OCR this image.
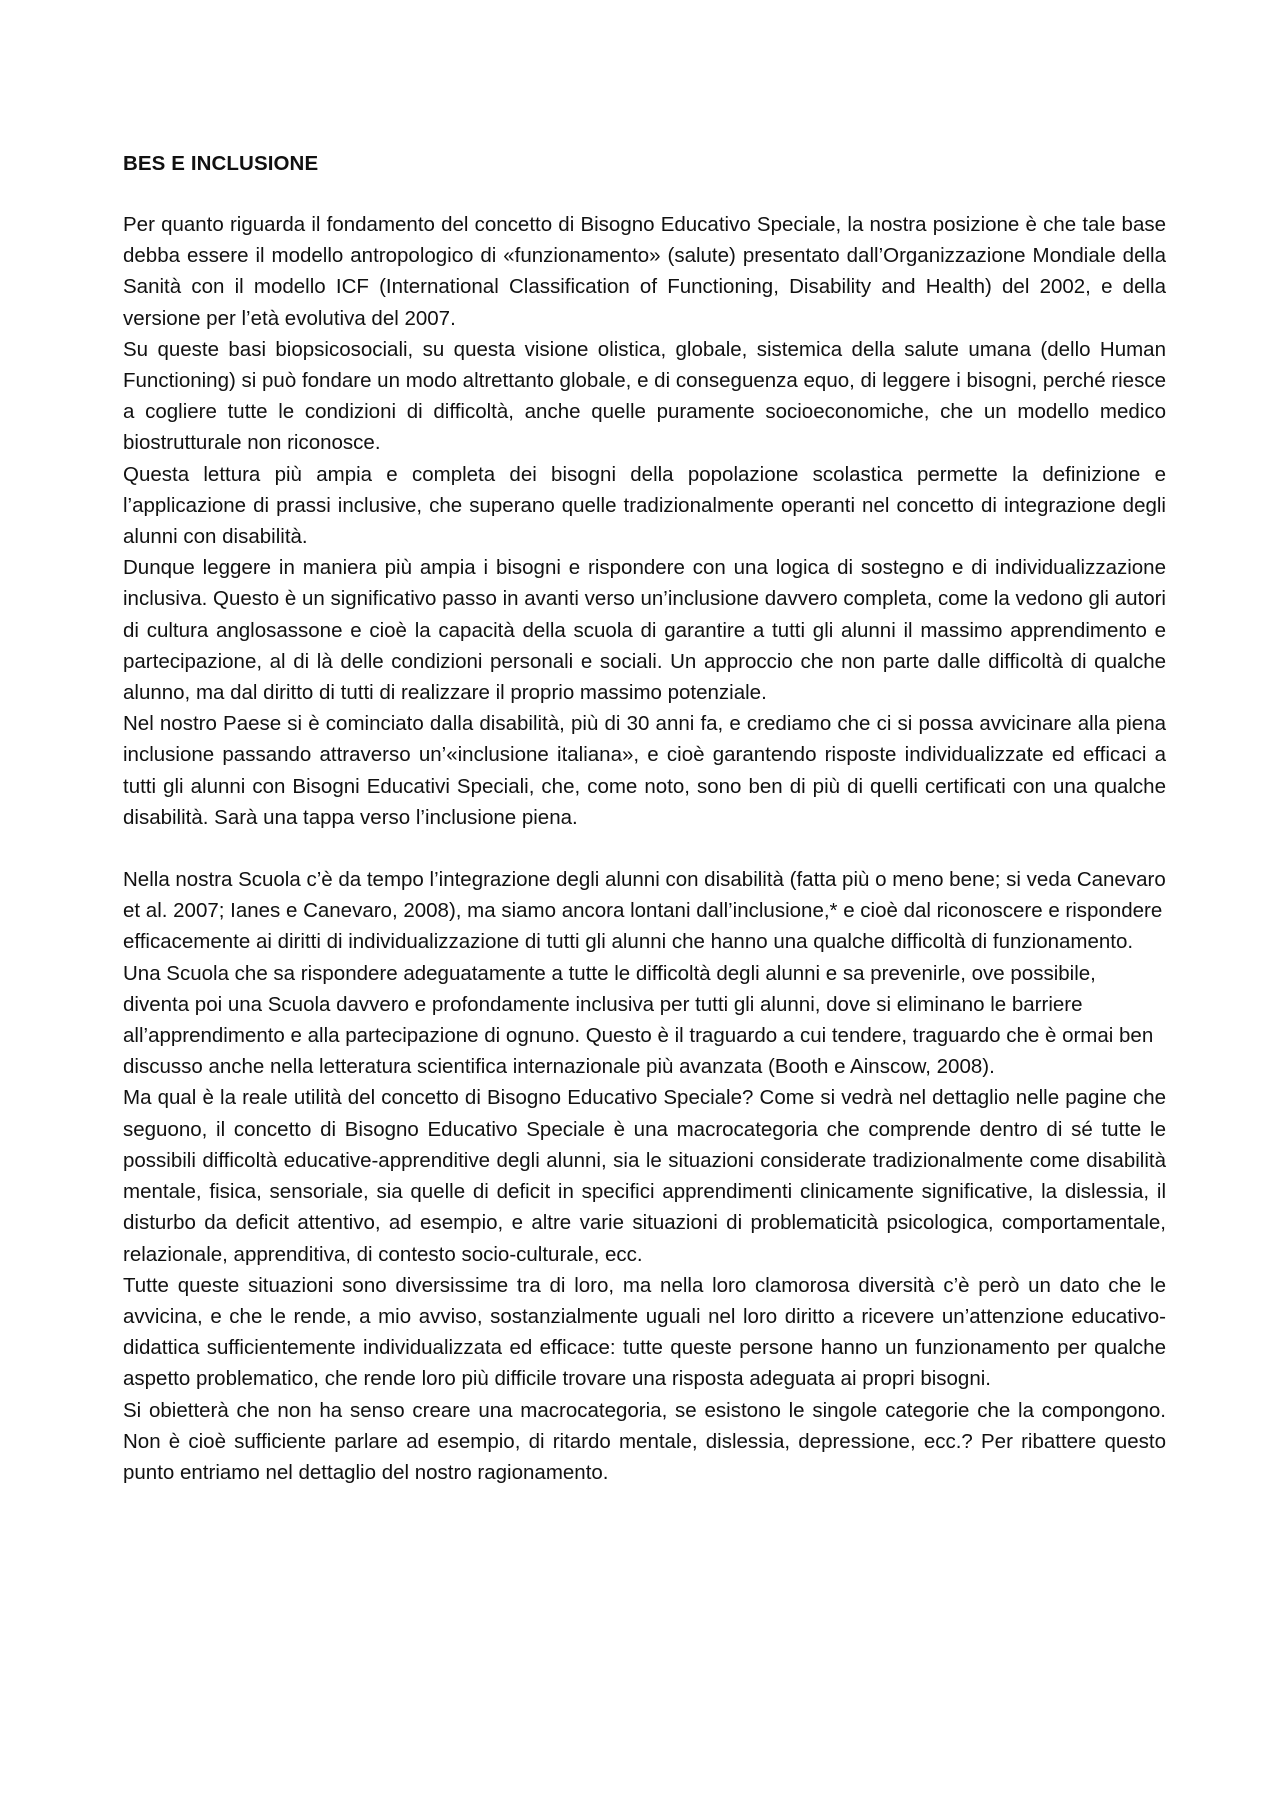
BES E INCLUSIONE

Per quanto riguarda il fondamento del concetto di Bisogno Educativo Speciale, la nostra posizione è che tale base debba essere il modello antropologico di «funzionamento» (salute) presentato dall’Organizzazione Mondiale della Sanità con il modello ICF (International Classification of Functioning, Disability and Health) del 2002, e della versione per l’età evolutiva del 2007.

Su queste basi biopsicosociali, su questa visione olistica, globale, sistemica della salute umana (dello Human Functioning) si può fondare un modo altrettanto globale, e di conseguenza equo, di leggere i bisogni, perché riesce a cogliere tutte le condizioni di difficoltà, anche quelle puramente socioeconomiche, che un modello medico biostrutturale non riconosce.

Questa lettura più ampia e completa dei bisogni della popolazione scolastica permette la definizione e l’applicazione di prassi inclusive, che superano quelle tradizionalmente operanti nel concetto di integrazione degli alunni con disabilità.

Dunque leggere in maniera più ampia i bisogni e rispondere con una logica di sostegno e di individualizzazione inclusiva. Questo è un significativo passo in avanti verso un’inclusione davvero completa, come la vedono gli autori di cultura anglosassone e cioè la capacità della scuola di garantire a tutti gli alunni il massimo apprendimento e partecipazione, al di là delle condizioni personali e sociali. Un approccio che non parte dalle difficoltà di qualche alunno, ma dal diritto di tutti di realizzare il proprio massimo potenziale.

Nel nostro Paese si è cominciato dalla disabilità, più di 30 anni fa, e crediamo che ci si possa avvicinare alla piena inclusione passando attraverso un’«inclusione italiana», e cioè garantendo risposte individualizzate ed efficaci a tutti gli alunni con Bisogni Educativi Speciali, che, come noto, sono ben di più di quelli certificati con una qualche disabilità. Sarà una tappa verso l’inclusione piena.

Nella nostra Scuola c’è da tempo l’integrazione degli alunni con disabilità (fatta più o meno bene; si veda Canevaro et al. 2007; Ianes e Canevaro, 2008), ma siamo ancora lontani dall’inclusione,* e cioè dal riconoscere e rispondere efficacemente ai diritti di individualizzazione di tutti gli alunni che hanno una qualche difficoltà di funzionamento.

Una Scuola che sa rispondere adeguatamente a tutte le difficoltà degli alunni e sa prevenirle, ove possibile, diventa poi una Scuola davvero e profondamente inclusiva per tutti gli alunni, dove si eliminano le barriere all’apprendimento e alla partecipazione di ognuno. Questo è il traguardo a cui tendere, traguardo che è ormai ben discusso anche nella letteratura scientifica internazionale più avanzata (Booth e Ainscow, 2008).

Ma qual è la reale utilità del concetto di Bisogno Educativo Speciale? Come si vedrà nel dettaglio nelle pagine che seguono, il concetto di Bisogno Educativo Speciale è una macrocategoria che comprende dentro di sé tutte le possibili difficoltà educative-apprenditive degli alunni, sia le situazioni considerate tradizionalmente come disabilità mentale, fisica, sensoriale, sia quelle di deficit in specifici apprendimenti clinicamente significative, la dislessia, il disturbo da deficit attentivo, ad esempio, e altre varie situazioni di problematicità psicologica, comportamentale, relazionale, apprenditiva, di contesto socio-culturale, ecc.

Tutte queste situazioni sono diversissime tra di loro, ma nella loro clamorosa diversità c’è però un dato che le avvicina, e che le rende, a mio avviso, sostanzialmente uguali nel loro diritto a ricevere un’attenzione educativo- didattica sufficientemente individualizzata ed efficace: tutte queste persone hanno un funzionamento per qualche aspetto problematico, che rende loro più difficile trovare una risposta adeguata ai propri bisogni.

Si obietterà che non ha senso creare una macrocategoria, se esistono le singole categorie che la compongono. Non è cioè sufficiente parlare ad esempio, di ritardo mentale, dislessia, depressione, ecc.? Per ribattere questo punto entriamo nel dettaglio del nostro ragionamento.
